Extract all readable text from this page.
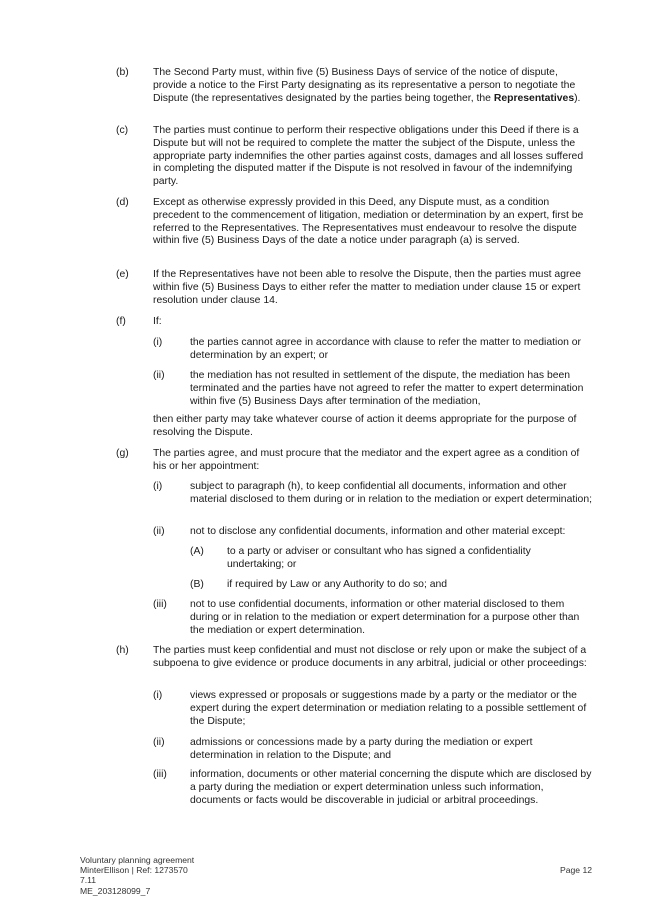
(b) The Second Party must, within five (5) Business Days of service of the notice of dispute, provide a notice to the First Party designating as its representative a person to negotiate the Dispute (the representatives designated by the parties being together, the Representatives).

(c) The parties must continue to perform their respective obligations under this Deed if there is a Dispute but will not be required to complete the matter the subject of the Dispute, unless the appropriate party indemnifies the other parties against costs, damages and all losses suffered in completing the disputed matter if the Dispute is not resolved in favour of the indemnifying party.

(d) Except as otherwise expressly provided in this Deed, any Dispute must, as a condition precedent to the commencement of litigation, mediation or determination by an expert, first be referred to the Representatives. The Representatives must endeavour to resolve the dispute within five (5) Business Days of the date a notice under paragraph (a) is served.

(e) If the Representatives have not been able to resolve the Dispute, then the parties must agree within five (5) Business Days to either refer the matter to mediation under clause 15 or expert resolution under clause 14.

(f)	If:

(i)	the parties cannot agree in accordance with clause to refer the matter to mediation or determination by an expert; or

(ii) the mediation has not resulted in settlement of the dispute, the mediation has been terminated and the parties have not agreed to refer the matter to expert determination within five (5) Business Days after termination of the mediation,

then either party may take whatever course of action it deems appropriate for the purpose of resolving the Dispute.

(g) The parties agree, and must procure that the mediator and the expert agree as a condition of his or her appointment:

(i)	subject to paragraph (h), to keep confidential all documents, information and other material disclosed to them during or in relation to the mediation or expert determination;

(ii) not to disclose any confidential documents, information and other material except:

(A) to a party or adviser or consultant who has signed a confidentiality undertaking; or

(B) if required by Law or any Authority to do so; and

(iii) not to use confidential documents, information or other material disclosed to them during or in relation to the mediation or expert determination for a purpose other than the mediation or expert determination.

(h) The parties must keep confidential and must not disclose or rely upon or make the subject of a subpoena to give evidence or produce documents in any arbitral, judicial or other proceedings:

(i)	views expressed or proposals or suggestions made by a party or the mediator or the expert during the expert determination or mediation relating to a possible settlement of the Dispute;

(ii) admissions or concessions made by a party during the mediation or expert determination in relation to the Dispute; and

(iii) information, documents or other material concerning the dispute which are disclosed by a party during the mediation or expert determination unless such information, documents or facts would be discoverable in judicial or arbitral proceedings.

Voluntary planning agreement
MinterEllison | Ref: 1273570
7.11
ME_203128099_7
Page 12
